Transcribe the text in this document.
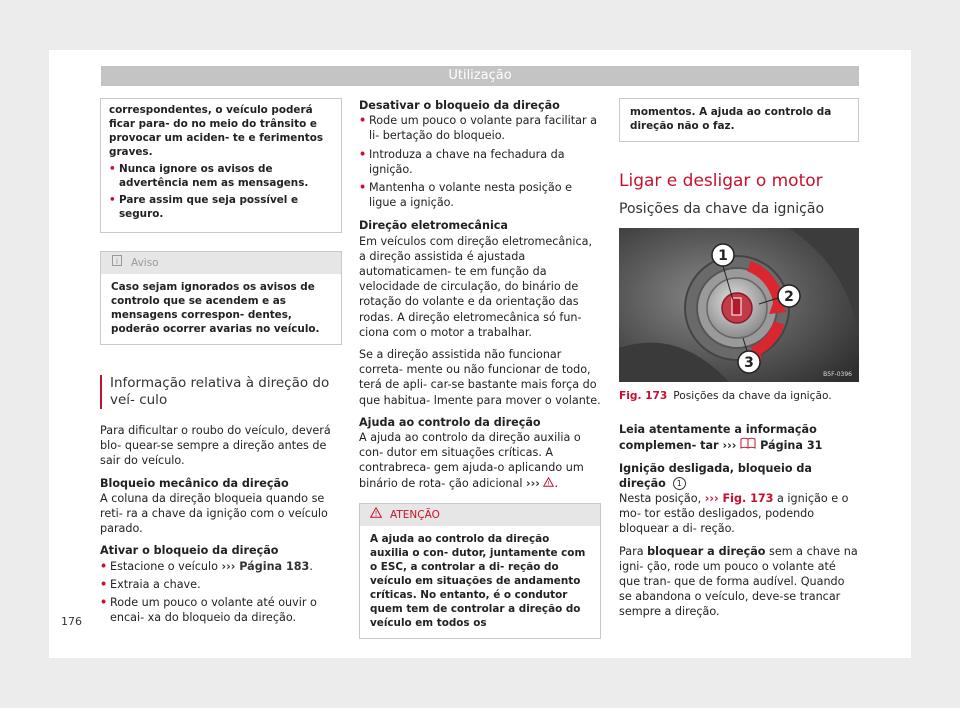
Utilização

correspondentes, o veículo poderá ficar para- do no meio do trânsito e provocar um aciden- te e ferimentos graves.

• Nunca ignore os avisos de advertência nem as mensagens.
• Pare assim que seja possível e seguro.
i Aviso
Caso sejam ignorados os avisos de controlo que se acendem e as mensagens correspon- dentes, poderão ocorrer avarias no veículo.
Informação relativa à direção do veí- culo

Para dificultar o roubo do veículo, deverá blo- quear-se sempre a direção antes de sair do veículo.

Bloqueio mecânico da direção

A coluna da direção bloqueia quando se reti- ra a chave da ignição com o veículo parado.

Ativar o bloqueio da direção
• Estacione o veículo ››› Página 183.
• Extraia a chave.
• Rode um pouco o volante até ouvir o encai- xa do bloqueio da direção.
Desativar o bloqueio da direção
• Rode um pouco o volante para facilitar a li- bertação do bloqueio.
• Introduza a chave na fechadura da ignição.
• Mantenha o volante nesta posição e ligue a ignição.
Direção eletromecânica

Em veículos com direção eletromecânica, a direção assistida é ajustada automaticamen- te em função da velocidade de circulação, do binário de rotação do volante e da orientação das rodas. A direção eletromecânica só fun- ciona com o motor a trabalhar.

Se a direção assistida não funcionar correta- mente ou não funcionar de todo, terá de apli- car-se bastante mais força do que habitua- lmente para mover o volante.

Ajuda ao controlo da direção

A ajuda ao controlo da direção auxilia o con- dutor em situações críticas. A contrabreca- gem ajuda-o aplicando um binário de rota- ção adicional ››› ! .

! ATENÇÃO
A ajuda ao controlo da direção auxilia o con- dutor, juntamente com o ESC, a controlar a di- reção do veículo em situações de andamento críticas. No entanto, é o condutor quem tem de controlar a direção do veículo em todos os
momentos. A ajuda ao controlo da direção não o faz.
Ligar e desligar o motor
Posições da chave da ignição
1
2
3
B5F-0396
Fig. 173 Posições da chave da ignição.

Leia atentamente a informação complemen- tar ››› Página 31

Ignição desligada, bloqueio da direção 1

Nesta posição, ››› Fig. 173 a ignição e o mo- tor estão desligados, podendo bloquear a di- reção.

Para bloquear a direção sem a chave na igni- ção, rode um pouco o volante até que tran- que de forma audível. Quando se abandona o veículo, deve-se trancar sempre a direção.

176
